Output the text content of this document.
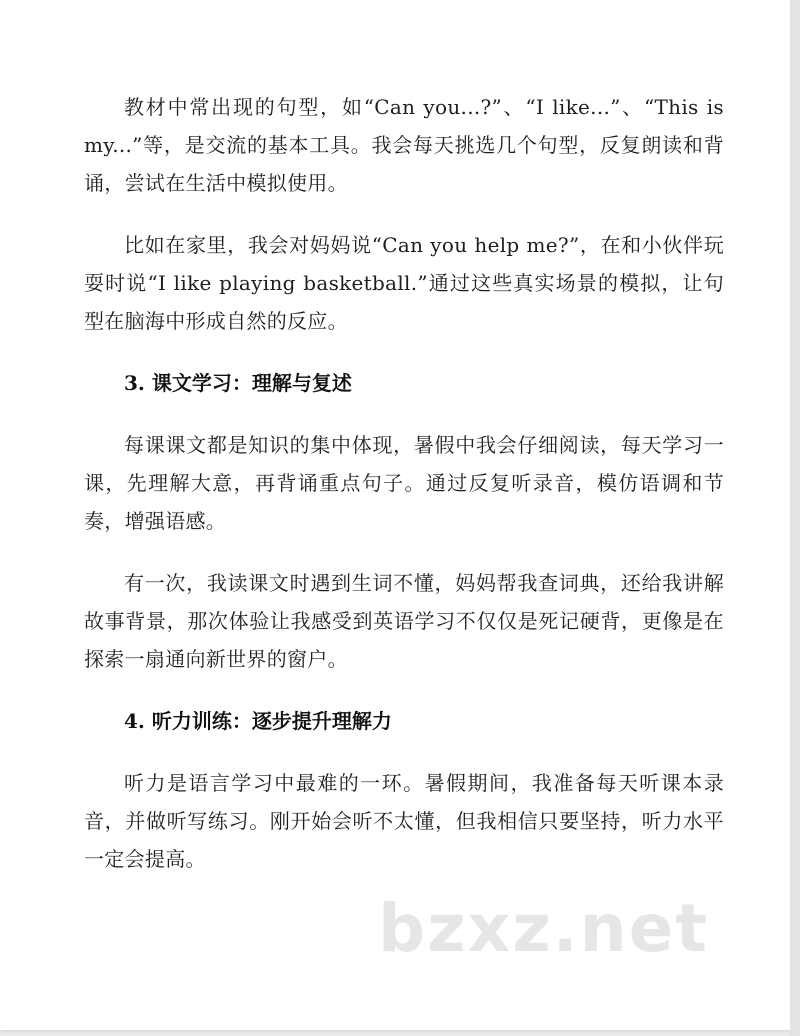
教材中常出现的句型，如“Can you...?”、“I like...”、“This is my...”等，是交流的基本工具。我会每天挑选几个句型，反复朗读和背诵，尝试在生活中模拟使用。

比如在家里，我会对妈妈说“Can you help me?”，在和小伙伴玩耍时说“I like playing basketball.”通过这些真实场景的模拟，让句型在脑海中形成自然的反应。

3. 课文学习：理解与复述

每课课文都是知识的集中体现，暑假中我会仔细阅读，每天学习一课，先理解大意，再背诵重点句子。通过反复听录音，模仿语调和节奏，增强语感。

有一次，我读课文时遇到生词不懂，妈妈帮我查词典，还给我讲解故事背景，那次体验让我感受到英语学习不仅仅是死记硬背，更像是在探索一扇通向新世界的窗户。

4. 听力训练：逐步提升理解力

听力是语言学习中最难的一环。暑假期间，我准备每天听课本录音，并做听写练习。刚开始会听不太懂，但我相信只要坚持，听力水平一定会提高。

bzxz.net
